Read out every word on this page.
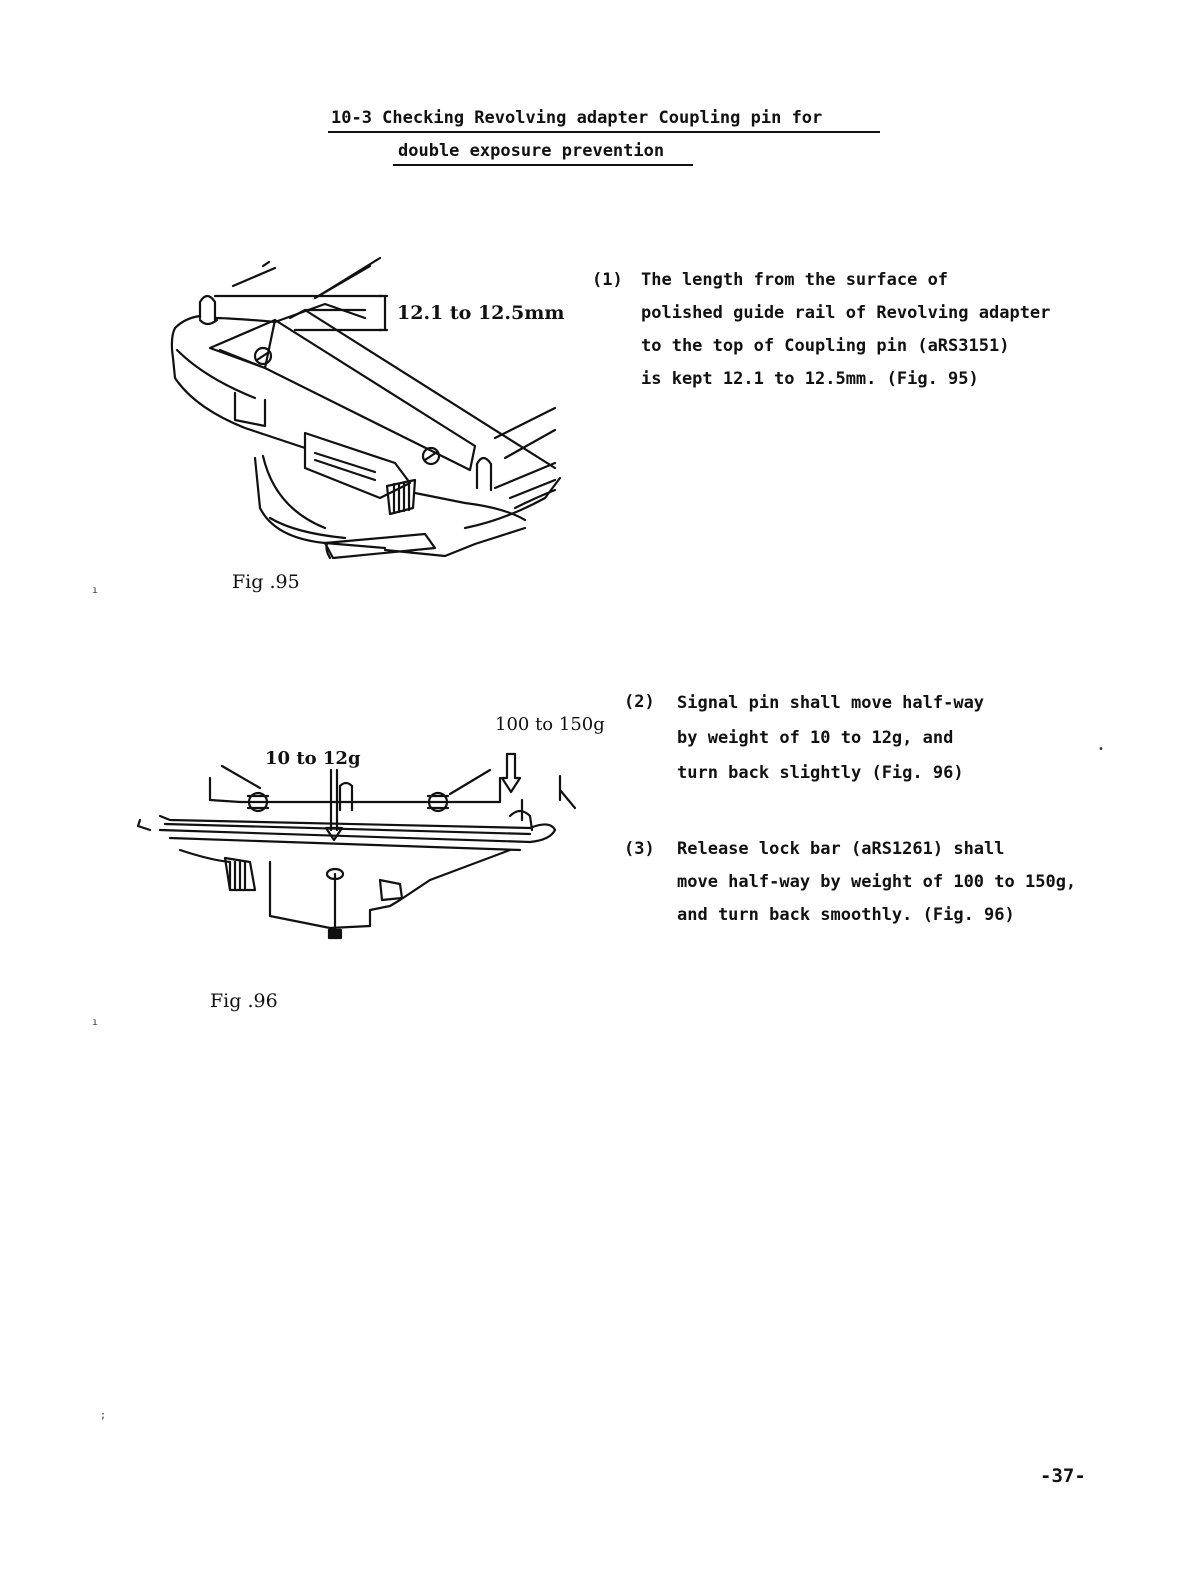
10-3 Checking Revolving adapter Coupling pin for
double exposure prevention
12.1 to 12.5mm
Fig .95
(1) The length from the surface of
polished guide rail of Revolving adapter
to the top of Coupling pin (aRS3151)
is kept 12.1 to 12.5mm. (Fig. 95)
10 to 12g
100 to 150g
Fig .96
(2) Signal pin shall move half-way
by weight of 10 to 12g, and
turn back slightly (Fig. 96)
(3) Release lock bar (aRS1261) shall
move half-way by weight of 100 to 150g,
and turn back smoothly. (Fig. 96)
ı
ı
;
•
-37-
